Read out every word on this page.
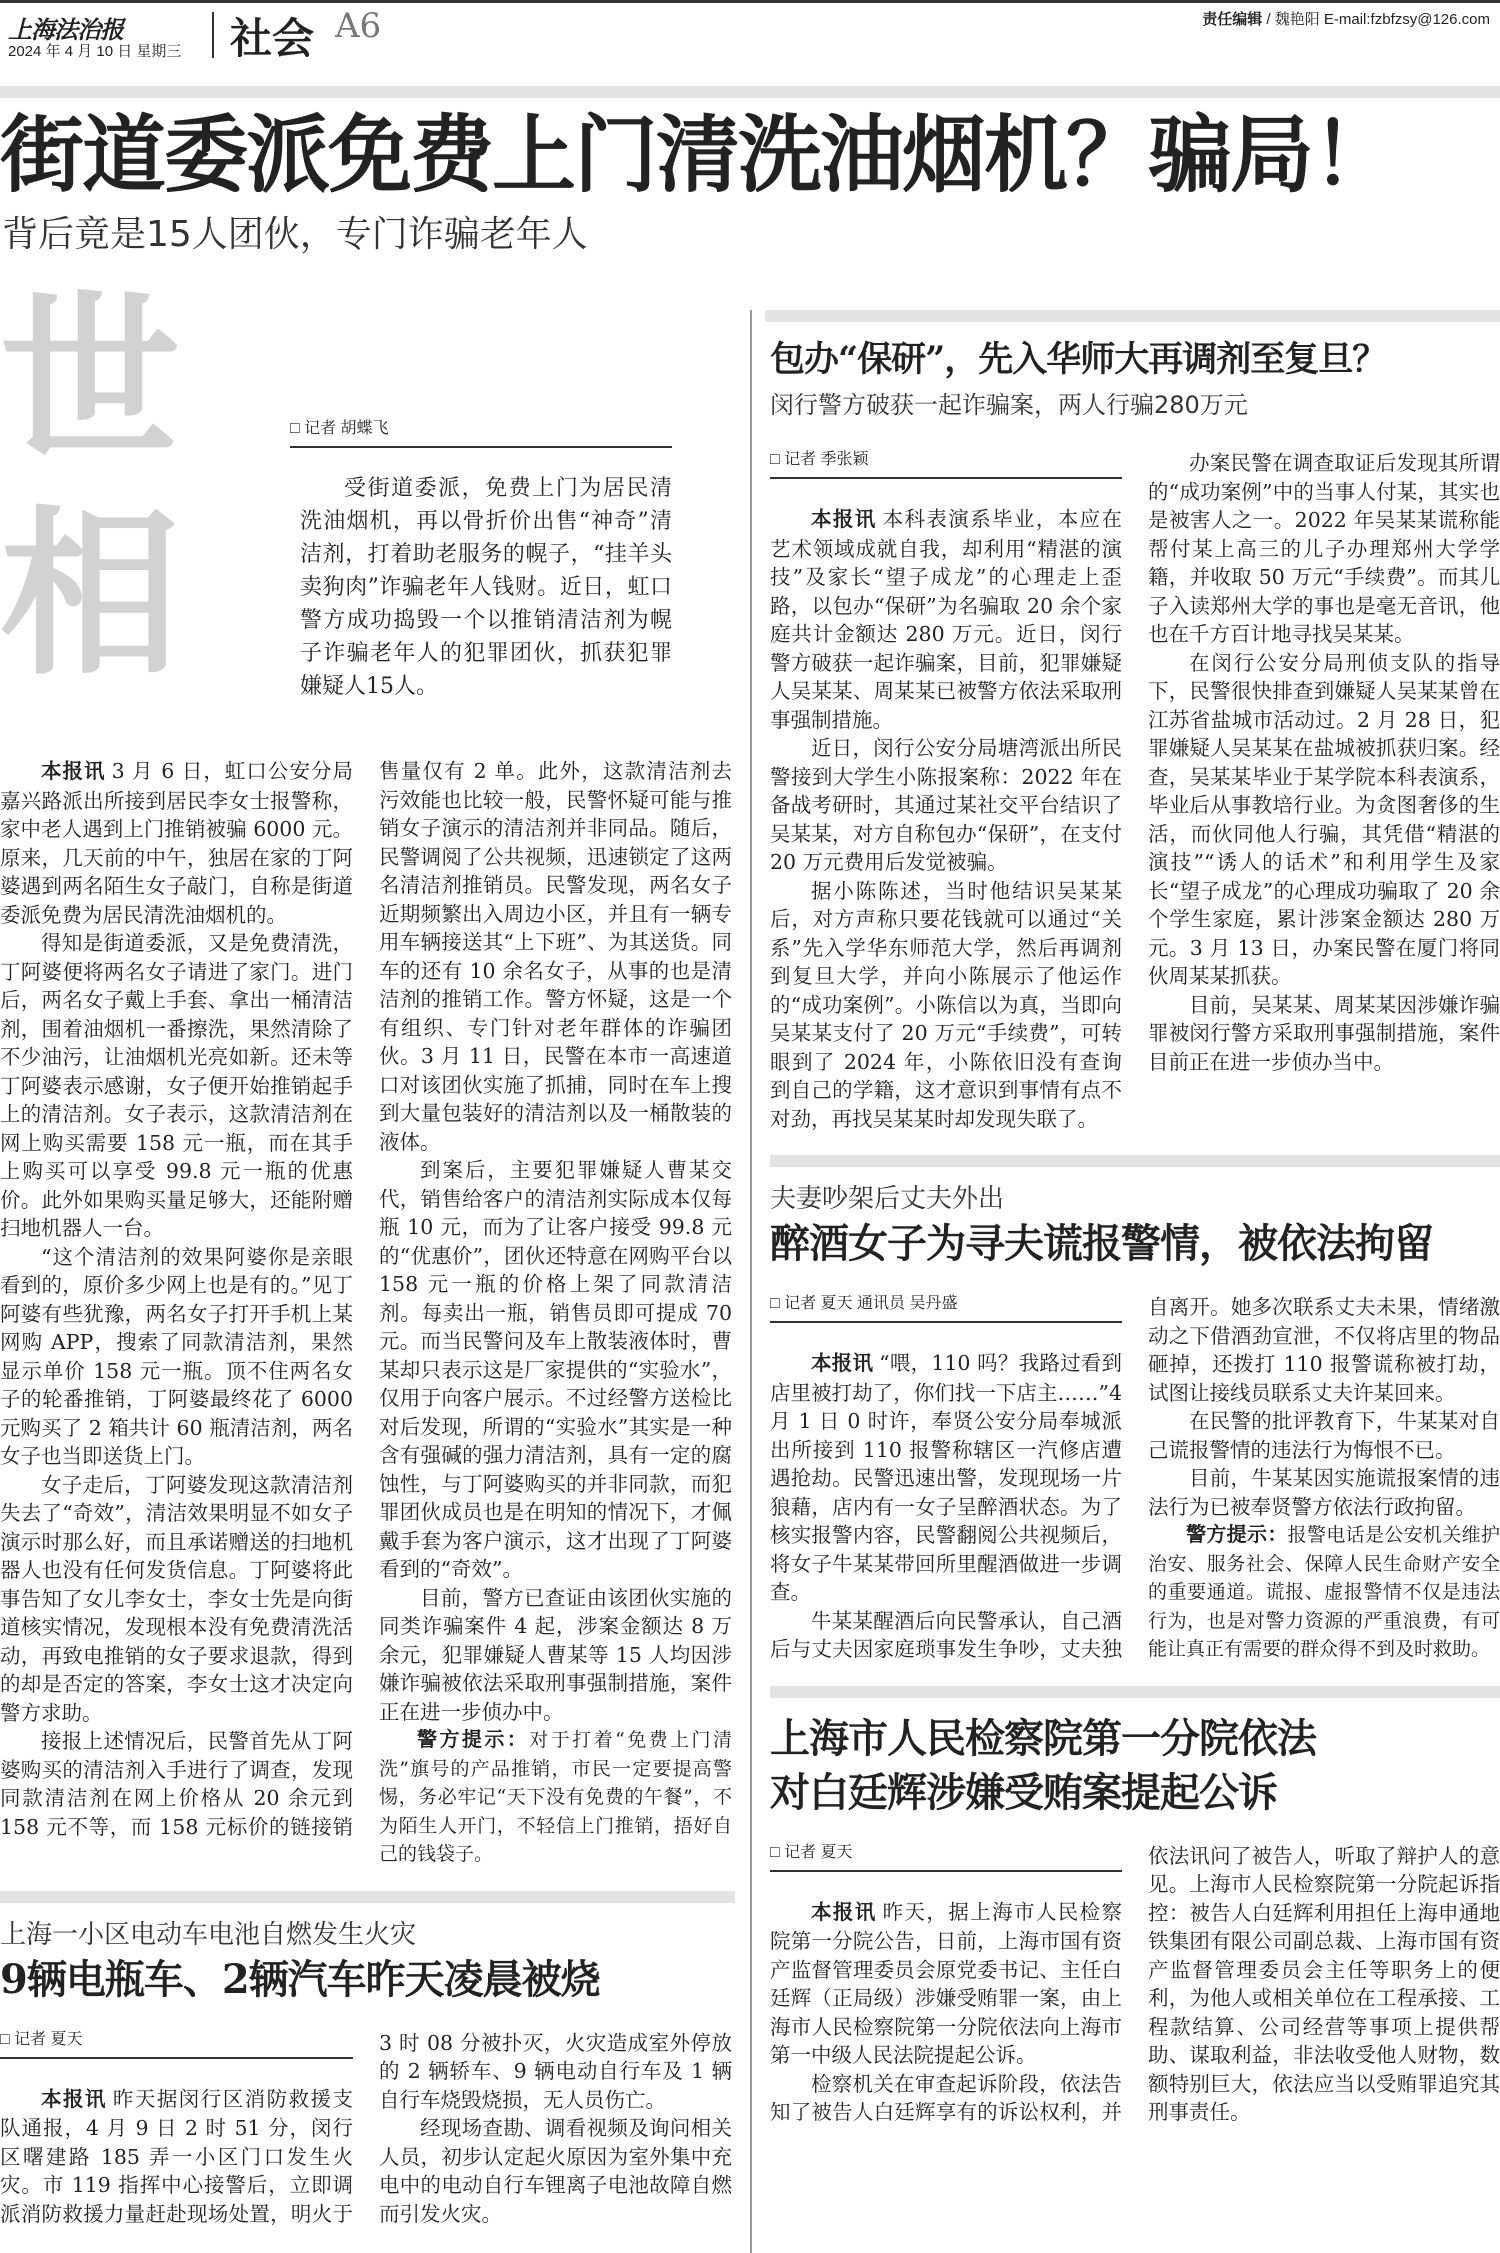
上海法治报
2024 年 4 月 10 日 星期三 社会 A6	责任编辑 / 魏艳阳 E-mail:fzbfzsy@126.com
街道委派免费上门清洗油烟机？骗局！
背后竟是15人团伙，专门诈骗老年人
世
相
□ 记者 胡蝶飞

受街道委派，免费上门为居民清洗油烟机，再以骨折价出售“神奇”清洁剂，打着助老服务的幌子，“挂羊头卖狗肉”诈骗老年人钱财。近日，虹口警方成功捣毁一个以推销清洁剂为幌子诈骗老年人的犯罪团伙，抓获犯罪嫌疑人15人。

本报讯 3 月 6 日，虹口公安分局嘉兴路派出所接到居民李女士报警称，家中老人遇到上门推销被骗 6000 元。原来，几天前的中午，独居在家的丁阿婆遇到两名陌生女子敲门，自称是街道委派免费为居民清洗油烟机的。

得知是街道委派，又是免费清洗，丁阿婆便将两名女子请进了家门。进门后，两名女子戴上手套、拿出一桶清洁剂，围着油烟机一番擦洗，果然清除了不少油污，让油烟机光亮如新。还未等丁阿婆表示感谢，女子便开始推销起手上的清洁剂。女子表示，这款清洁剂在网上购买需要 158 元一瓶，而在其手上购买可以享受 99.8 元一瓶的优惠价。此外如果购买量足够大，还能附赠扫地机器人一台。

“这个清洁剂的效果阿婆你是亲眼看到的，原价多少网上也是有的。”见丁阿婆有些犹豫，两名女子打开手机上某网购 APP，搜索了同款清洁剂，果然显示单价 158 元一瓶。顶不住两名女子的轮番推销，丁阿婆最终花了 6000 元购买了 2 箱共计 60 瓶清洁剂，两名女子也当即送货上门。

女子走后，丁阿婆发现这款清洁剂失去了“奇效”，清洁效果明显不如女子演示时那么好，而且承诺赠送的扫地机器人也没有任何发货信息。丁阿婆将此事告知了女儿李女士，李女士先是向街道核实情况，发现根本没有免费清洗活动，再致电推销的女子要求退款，得到的却是否定的答案，李女士这才决定向警方求助。

接报上述情况后，民警首先从丁阿婆购买的清洁剂入手进行了调查，发现同款清洁剂在网上价格从 20 余元到 158 元不等，而 158 元标价的链接销售量仅有 2 单。此外，这款清洁剂去污效能也比较一般，民警怀疑可能与推销女子演示的清洁剂并非同品。随后，民警调阅了公共视频，迅速锁定了这两名清洁剂推销员。民警发现，两名女子近期频繁出入周边小区，并且有一辆专用车辆接送其“上下班”、为其送货。同车的还有 10 余名女子，从事的也是清洁剂的推销工作。警方怀疑，这是一个有组织、专门针对老年群体的诈骗团伙。3 月 11 日，民警在本市一高速道口对该团伙实施了抓捕，同时在车上搜到大量包装好的清洁剂以及一桶散装的液体。

到案后，主要犯罪嫌疑人曹某交代，销售给客户的清洁剂实际成本仅每瓶 10 元，而为了让客户接受 99.8 元的“优惠价”，团伙还特意在网购平台以 158 元一瓶的价格上架了同款清洁剂。每卖出一瓶，销售员即可提成 70 元。而当民警问及车上散装液体时，曹某却只表示这是厂家提供的“实验水”，仅用于向客户展示。不过经警方送检比对后发现，所谓的“实验水”其实是一种含有强碱的强力清洁剂，具有一定的腐蚀性，与丁阿婆购买的并非同款，而犯罪团伙成员也是在明知的情况下，才佩戴手套为客户演示，这才出现了丁阿婆看到的“奇效”。

目前，警方已查证由该团伙实施的同类诈骗案件 4 起，涉案金额达 8 万余元，犯罪嫌疑人曹某等 15 人均因涉嫌诈骗被依法采取刑事强制措施，案件正在进一步侦办中。

警方提示：对于打着“免费上门清洗”旗号的产品推销，市民一定要提高警惕，务必牢记“天下没有免费的午餐”，不为陌生人开门，不轻信上门推销，捂好自己的钱袋子。

上海一小区电动车电池自燃发生火灾
9辆电瓶车、2辆汽车昨天凌晨被烧
□ 记者 夏天

本报讯 昨天据闵行区消防救援支队通报，4 月 9 日 2 时 51 分，闵行区曙建路 185 弄一小区门口发生火灾。市 119 指挥中心接警后，立即调派消防救援力量赶赴现场处置，明火于 3 时 08 分被扑灭，火灾造成室外停放的 2 辆轿车、9 辆电动自行车及 1 辆自行车烧毁烧损，无人员伤亡。

经现场查勘、调看视频及询问相关人员，初步认定起火原因为室外集中充电中的电动自行车锂离子电池故障自燃而引发火灾。

包办“保研”，先入华师大再调剂至复旦？
闵行警方破获一起诈骗案，两人行骗280万元
□ 记者 季张颖

本报讯 本科表演系毕业，本应在艺术领域成就自我，却利用“精湛的演技”及家长“望子成龙”的心理走上歪路，以包办“保研”为名骗取 20 余个家庭共计金额达 280 万元。近日，闵行警方破获一起诈骗案，目前，犯罪嫌疑人吴某某、周某某已被警方依法采取刑事强制措施。

近日，闵行公安分局塘湾派出所民警接到大学生小陈报案称：2022 年在备战考研时，其通过某社交平台结识了吴某某，对方自称包办“保研”，在支付 20 万元费用后发觉被骗。

据小陈陈述，当时他结识吴某某后，对方声称只要花钱就可以通过“关系”先入学华东师范大学，然后再调剂到复旦大学，并向小陈展示了他运作的“成功案例”。小陈信以为真，当即向吴某某支付了 20 万元“手续费”，可转眼到了 2024 年，小陈依旧没有查询到自己的学籍，这才意识到事情有点不对劲，再找吴某某时却发现失联了。

办案民警在调查取证后发现其所谓的“成功案例”中的当事人付某，其实也是被害人之一。2022 年吴某某谎称能帮付某上高三的儿子办理郑州大学学籍，并收取 50 万元“手续费”。而其儿子入读郑州大学的事也是毫无音讯，他也在千方百计地寻找吴某某。

在闵行公安分局刑侦支队的指导下，民警很快排查到嫌疑人吴某某曾在江苏省盐城市活动过。2 月 28 日，犯罪嫌疑人吴某某在盐城被抓获归案。经查，吴某某毕业于某学院本科表演系，毕业后从事教培行业。为贪图奢侈的生活，而伙同他人行骗，其凭借“精湛的演技”“诱人的话术”和利用学生及家长“望子成龙”的心理成功骗取了 20 余个学生家庭，累计涉案金额达 280 万元。3 月 13 日，办案民警在厦门将同伙周某某抓获。

目前，吴某某、周某某因涉嫌诈骗罪被闵行警方采取刑事强制措施，案件目前正在进一步侦办当中。

夫妻吵架后丈夫外出
醉酒女子为寻夫谎报警情，被依法拘留
□ 记者 夏天 通讯员 吴丹盛

本报讯 “喂，110 吗？我路过看到店里被打劫了，你们找一下店主……”4 月 1 日 0 时许，奉贤公安分局奉城派出所接到 110 报警称辖区一汽修店遭遇抢劫。民警迅速出警，发现现场一片狼藉，店内有一女子呈醉酒状态。为了核实报警内容，民警翻阅公共视频后，将女子牛某某带回所里醒酒做进一步调查。

牛某某醒酒后向民警承认，自己酒后与丈夫因家庭琐事发生争吵，丈夫独自离开。她多次联系丈夫未果，情绪激动之下借酒劲宣泄，不仅将店里的物品砸掉，还拨打 110 报警谎称被打劫，试图让接线员联系丈夫许某回来。

在民警的批评教育下，牛某某对自己谎报警情的违法行为悔恨不已。

目前，牛某某因实施谎报案情的违法行为已被奉贤警方依法行政拘留。

警方提示：报警电话是公安机关维护治安、服务社会、保障人民生命财产安全的重要通道。谎报、虚报警情不仅是违法行为，也是对警力资源的严重浪费，有可能让真正有需要的群众得不到及时救助。

上海市人民检察院第一分院依法
对白廷辉涉嫌受贿案提起公诉
□ 记者 夏天

本报讯 昨天，据上海市人民检察院第一分院公告，日前，上海市国有资产监督管理委员会原党委书记、主任白廷辉（正局级）涉嫌受贿罪一案，由上海市人民检察院第一分院依法向上海市第一中级人民法院提起公诉。

检察机关在审查起诉阶段，依法告知了被告人白廷辉享有的诉讼权利，并依法讯问了被告人，听取了辩护人的意见。上海市人民检察院第一分院起诉指控：被告人白廷辉利用担任上海申通地铁集团有限公司副总裁、上海市国有资产监督管理委员会主任等职务上的便利，为他人或相关单位在工程承接、工程款结算、公司经营等事项上提供帮助、谋取利益，非法收受他人财物，数额特别巨大，依法应当以受贿罪追究其刑事责任。
